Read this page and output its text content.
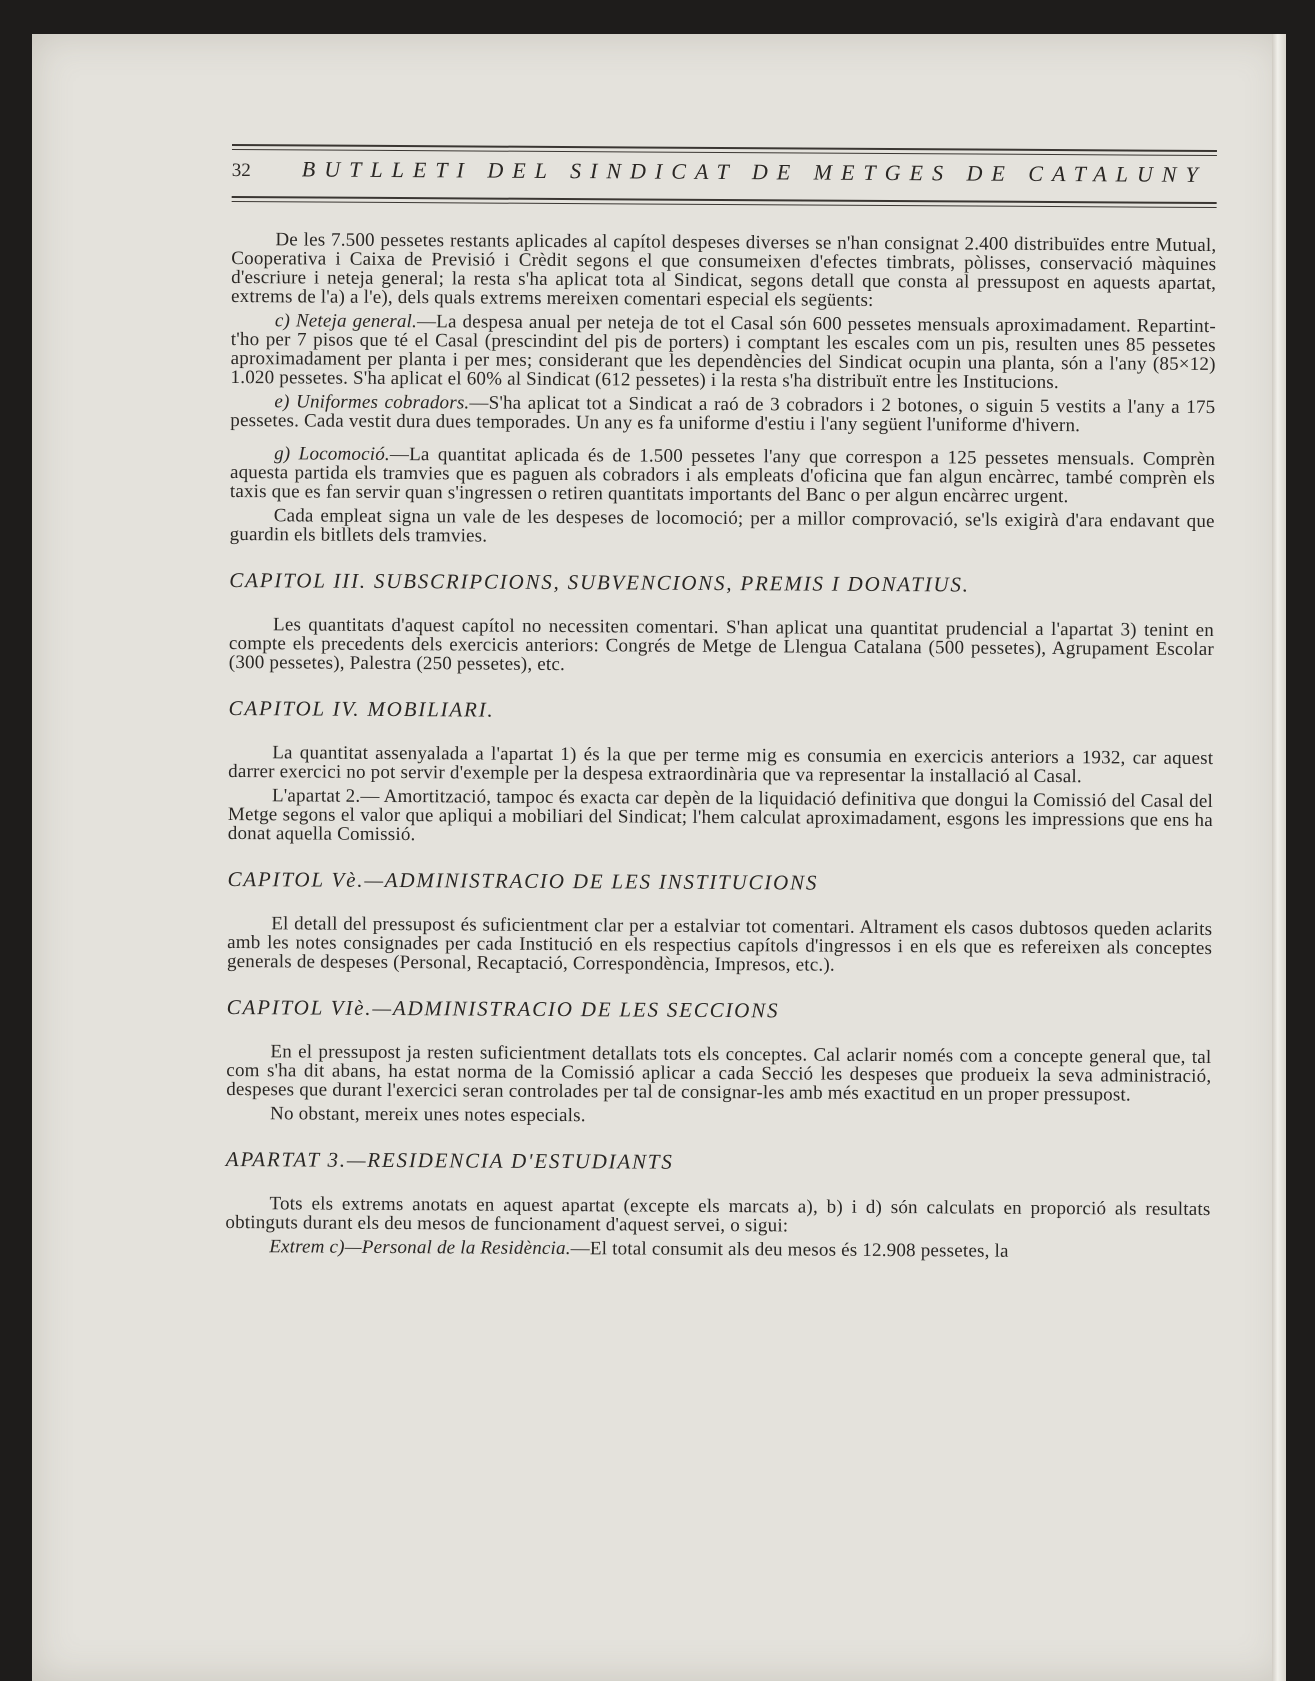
32	BUTLLETI DEL SINDICAT DE METGES DE CATALUNY

De les 7.500 pessetes restants aplicades al capítol despeses diverses se n'han consignat 2.400 distribuïdes entre Mutual, Cooperativa i Caixa de Previsió i Crèdit segons el que consumeixen d'efectes timbrats, pòlisses, conservació màquines d'escriure i neteja general; la resta s'ha aplicat tota al Sindicat, segons detall que consta al pressupost en aquests apartat, extrems de l'a) a l'e), dels quals extrems mereixen comentari especial els següents:

c) Neteja general.—La despesa anual per neteja de tot el Casal són 600 pessetes mensuals aproximadament. Repartint-t'ho per 7 pisos que té el Casal (prescindint del pis de porters) i comptant les escales com un pis, resulten unes 85 pessetes aproximadament per planta i per mes; considerant que les dependències del Sindicat ocupin una planta, són a l'any (85×12) 1.020 pessetes. S'ha aplicat el 60% al Sindicat (612 pessetes) i la resta s'ha distribuït entre les Institucions.

e) Uniformes cobradors.—S'ha aplicat tot a Sindicat a raó de 3 cobradors i 2 botones, o siguin 5 vestits a l'any a 175 pessetes. Cada vestit dura dues temporades. Un any es fa uniforme d'estiu i l'any següent l'uniforme d'hivern.

g) Locomoció.—La quantitat aplicada és de 1.500 pessetes l'any que correspon a 125 pessetes mensuals. Comprèn aquesta partida els tramvies que es paguen als cobradors i als empleats d'oficina que fan algun encàrrec, també comprèn els taxis que es fan servir quan s'ingressen o retiren quantitats importants del Banc o per algun encàrrec urgent.

Cada empleat signa un vale de les despeses de locomoció; per a millor comprovació, se'ls exigirà d'ara endavant que guardin els bitllets dels tramvies.

CAPITOL III. SUBSCRIPCIONS, SUBVENCIONS, PREMIS I DONATIUS.

Les quantitats d'aquest capítol no necessiten comentari. S'han aplicat una quantitat prudencial a l'apartat 3) tenint en compte els precedents dels exercicis anteriors: Congrés de Metge de Llengua Catalana (500 pessetes), Agrupament Escolar (300 pessetes), Palestra (250 pessetes), etc.

CAPITOL IV. MOBILIARI.

La quantitat assenyalada a l'apartat 1) és la que per terme mig es consumia en exercicis anteriors a 1932, car aquest darrer exercici no pot servir d'exemple per la despesa extraordinària que va representar la installació al Casal.

L'apartat 2.— Amortització, tampoc és exacta car depèn de la liquidació definitiva que dongui la Comissió del Casal del Metge segons el valor que apliqui a mobiliari del Sindicat; l'hem calculat aproximadament, esgons les impressions que ens ha donat aquella Comissió.

CAPITOL Vè.—ADMINISTRACIO DE LES INSTITUCIONS

El detall del pressupost és suficientment clar per a estalviar tot comentari. Altrament els casos dubtosos queden aclarits amb les notes consignades per cada Institució en els respectius capítols d'ingressos i en els que es refereixen als conceptes generals de despeses (Personal, Recaptació, Correspondència, Impresos, etc.).

CAPITOL VIè.—ADMINISTRACIO DE LES SECCIONS

En el pressupost ja resten suficientment detallats tots els conceptes. Cal aclarir només com a concepte general que, tal com s'ha dit abans, ha estat norma de la Comissió aplicar a cada Secció les despeses que produeix la seva administració, despeses que durant l'exercici seran controlades per tal de consignar-les amb més exactitud en un proper pressupost.

No obstant, mereix unes notes especials.

APARTAT 3.—RESIDENCIA D'ESTUDIANTS

Tots els extrems anotats en aquest apartat (excepte els marcats a), b) i d) són calculats en proporció als resultats obtinguts durant els deu mesos de funcionament d'aquest servei, o sigui:

Extrem c)—Personal de la Residència.—El total consumit als deu mesos és 12.908 pessetes, la
